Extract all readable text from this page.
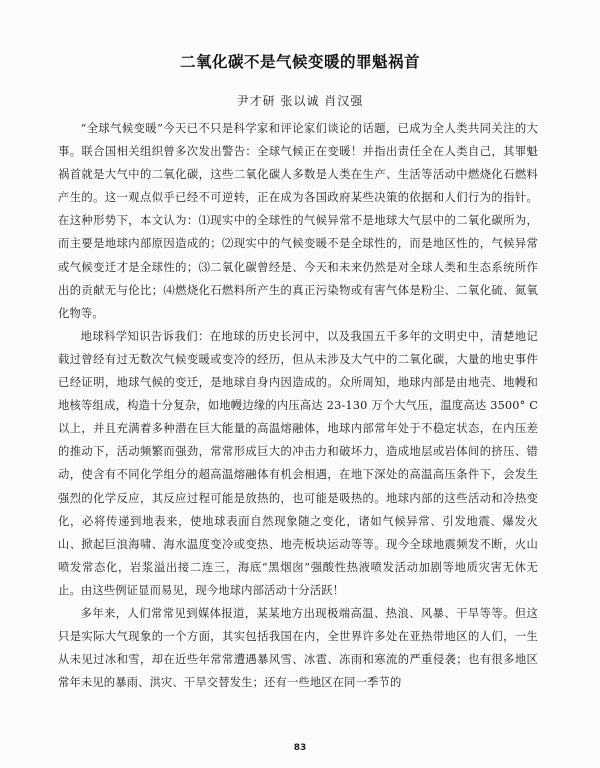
二氧化碳不是气候变暖的罪魁祸首

尹才研 张以诚 肖汉强

“全球气候变暖”今天已不只是科学家和评论家们谈论的话题，已成为全人类共同关注的大事。联合国相关组织曾多次发出警告：全球气候正在变暖！并指出责任全在人类自己，其罪魁祸首就是大气中的二氧化碳，这些二氧化碳人多数是人类在生产、生活等活动中燃烧化石燃料产生的。这一观点似乎已经不可逆转，正在成为各国政府某些决策的依据和人们行为的指针。在这种形势下，本文认为：⑴现实中的全球性的气候异常不是地球大气层中的二氧化碳所为，而主要是地球内部原因造成的；⑵现实中的气候变暖不是全球性的，而是地区性的，气候异常或气候变迁才是全球性的；⑶二氧化碳曾经是、今天和未来仍然是对全球人类和生态系统所作出的贡献无与伦比；⑷燃烧化石燃料所产生的真正污染物或有害气体是粉尘、二氧化硫、氮氧化物等。

地球科学知识告诉我们：在地球的历史长河中，以及我国五千多年的文明史中，清楚地记载过曾经有过无数次气候变暖或变冷的经历，但从未涉及大气中的二氧化碳，大量的地史事件已经证明，地球气候的变迁，是地球自身内因造成的。众所周知，地球内部是由地壳、地幔和地核等组成，构造十分复杂，如地幔边缘的内压高达 23-130 万个大气压，温度高达 3500° C 以上，并且充满着多种潜在巨大能量的高温熔融体，地球内部常年处于不稳定状态，在内压差的推动下，活动频繁而强劲，常常形成巨大的冲击力和破坏力，造成地层或岩体间的挤压、错动，使含有不同化学组分的超高温熔融体有机会相遇，在地下深处的高温高压条件下，会发生强烈的化学反应，其反应过程可能是放热的，也可能是吸热的。地球内部的这些活动和冷热变化，必将传递到地表来，使地球表面自然现象随之变化，诸如气候异常、引发地震、爆发火山、掀起巨浪海啸、海水温度变冷或变热、地壳板块运动等等。现今全球地震频发不断，火山喷发常态化，岩浆溢出接二连三，海底“黑烟囱”强酸性热液喷发活动加剧等地质灾害无休无止。由这些例证显而易见，现今地球内部活动十分活跃！

多年来，人们常常见到媒体报道，某某地方出现极端高温、热浪、风暴、干旱等等。但这只是实际大气现象的一个方面，其实包括我国在内，全世界许多处在亚热带地区的人们，一生从未见过冰和雪，却在近些年常常遭遇暴风雪、冰雹、冻雨和寒流的严重侵袭；也有很多地区常年未见的暴雨、洪灾、干旱交替发生；还有一些地区在同一季节的

83
